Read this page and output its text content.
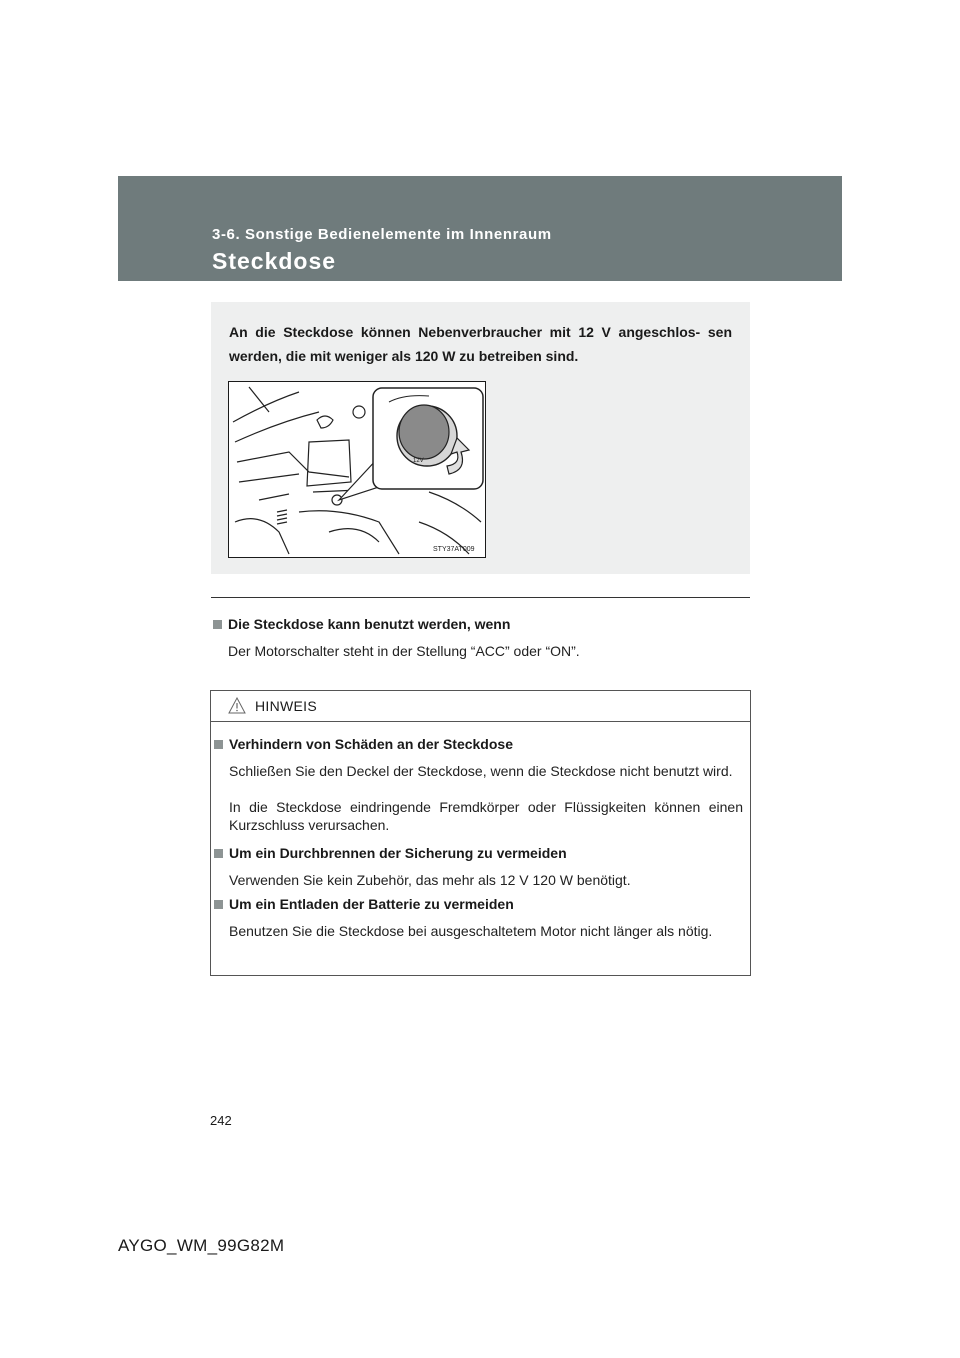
3-6. Sonstige Bedienelemente im Innenraum
Steckdose
An die Steckdose können Nebenverbraucher mit 12 V angeschlos- sen werden, die mit weniger als 120 W zu betreiben sind.
12V
STY37AT009
Die Steckdose kann benutzt werden, wenn
Der Motorschalter steht in der Stellung “ACC” oder “ON”.
HINWEIS
Verhindern von Schäden an der Steckdose
Schließen Sie den Deckel der Steckdose, wenn die Steckdose nicht benutzt wird.
In die Steckdose eindringende Fremdkörper oder Flüssigkeiten können einen Kurzschluss verursachen.
Um ein Durchbrennen der Sicherung zu vermeiden
Verwenden Sie kein Zubehör, das mehr als 12 V 120 W benötigt.
Um ein Entladen der Batterie zu vermeiden
Benutzen Sie die Steckdose bei ausgeschaltetem Motor nicht länger als nötig.
242
AYGO_WM_99G82M
